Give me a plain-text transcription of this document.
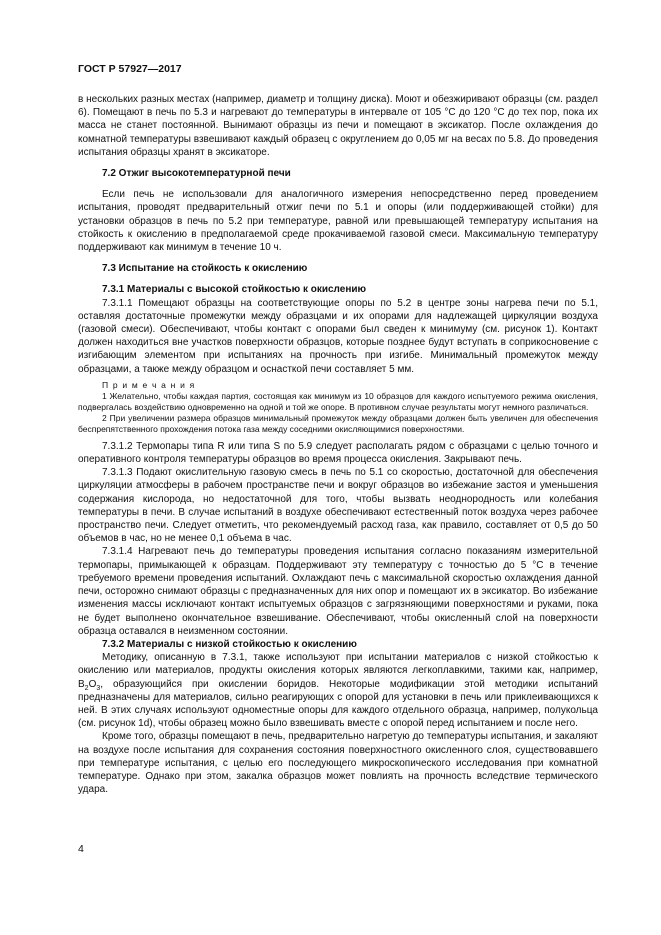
ГОСТ Р 57927—2017

в нескольких разных местах (например, диаметр и толщину диска). Моют и обезжиривают образцы (см. раздел 6). Помещают в печь по 5.3 и нагревают до температуры в интервале от 105 °С до 120 °С до тех пор, пока их масса не станет постоянной. Вынимают образцы из печи и помещают в эксикатор. После охлаждения до комнатной температуры взвешивают каждый образец с округлением до 0,05 мг на весах по 5.8. До проведения испытания образцы хранят в эксикаторе.

7.2 Отжиг высокотемпературной печи

Если печь не использовали для аналогичного измерения непосредственно перед проведением испытания, проводят предварительный отжиг печи по 5.1 и опоры (или поддерживающей стойки) для установки образцов в печь по 5.2 при температуре, равной или превышающей температуру испытания на стойкость к окислению в предполагаемой среде прокачиваемой газовой смеси. Максимальную температуру поддерживают как минимум в течение 10 ч.

7.3 Испытание на стойкость к окислению
7.3.1 Материалы с высокой стойкостью к окислению

7.3.1.1 Помещают образцы на соответствующие опоры по 5.2 в центре зоны нагрева печи по 5.1, оставляя достаточные промежутки между образцами и их опорами для надлежащей циркуляции воздуха (газовой смеси). Обеспечивают, чтобы контакт с опорами был сведен к минимуму (см. рисунок 1). Контакт должен находиться вне участков поверхности образцов, которые позднее будут вступать в соприкосновение с изгибающим элементом при испытаниях на прочность при изгибе. Минимальный промежуток между образцами, а также между образцом и оснасткой печи составляет 5 мм.

П р и м е ч а н и я

1 Желательно, чтобы каждая партия, состоящая как минимум из 10 образцов для каждого испытуемого режима окисления, подвергалась воздействию одновременно на одной и той же опоре. В противном случае результаты могут немного различаться.

2 При увеличении размера образцов минимальный промежуток между образцами должен быть увеличен для обеспечения беспрепятственного прохождения потока газа между соседними окисляющимися поверхностями.

7.3.1.2 Термопары типа R или типа S по 5.9 следует располагать рядом с образцами с целью точного и оперативного контроля температуры образцов во время процесса окисления. Закрывают печь.

7.3.1.3 Подают окислительную газовую смесь в печь по 5.1 со скоростью, достаточной для обеспечения циркуляции атмосферы в рабочем пространстве печи и вокруг образцов во избежание застоя и уменьшения содержания кислорода, но недостаточной для того, чтобы вызвать неоднородность или колебания температуры в печи. В случае испытаний в воздухе обеспечивают естественный поток воздуха через рабочее пространство печи. Следует отметить, что рекомендуемый расход газа, как правило, составляет от 0,5 до 50 объемов в час, но не менее 0,1 объема в час.

7.3.1.4 Нагревают печь до температуры проведения испытания согласно показаниям измерительной термопары, примыкающей к образцам. Поддерживают эту температуру с точностью до 5 °С в течение требуемого времени проведения испытаний. Охлаждают печь с максимальной скоростью охлаждения данной печи, осторожно снимают образцы с предназначенных для них опор и помещают их в эксикатор. Во избежание изменения массы исключают контакт испытуемых образцов с загрязняющими поверхностями и руками, пока не будет выполнено окончательное взвешивание. Обеспечивают, чтобы окисленный слой на поверхности образца оставался в неизменном состоянии.

7.3.2 Материалы с низкой стойкостью к окислению

Методику, описанную в 7.3.1, также используют при испытании материалов с низкой стойкостью к окислению или материалов, продукты окисления которых являются легкоплавкими, такими как, например, $B_2O_3$, образующийся при окислении боридов. Некоторые модификации этой методики испытаний предназначены для материалов, сильно реагирующих с опорой для установки в печь или приклеивающихся к ней. В этих случаях используют одноместные опоры для каждого отдельного образца, например, полукольца (см. рисунок 1d), чтобы образец можно было взвешивать вместе с опорой перед испытанием и после него.

Кроме того, образцы помещают в печь, предварительно нагретую до температуры испытания, и закаляют на воздухе после испытания для сохранения состояния поверхностного окисленного слоя, существовавшего при температуре испытания, с целью его последующего микроскопического исследования при комнатной температуре. Однако при этом, закалка образцов может повлиять на прочность вследствие термического удара.

4
